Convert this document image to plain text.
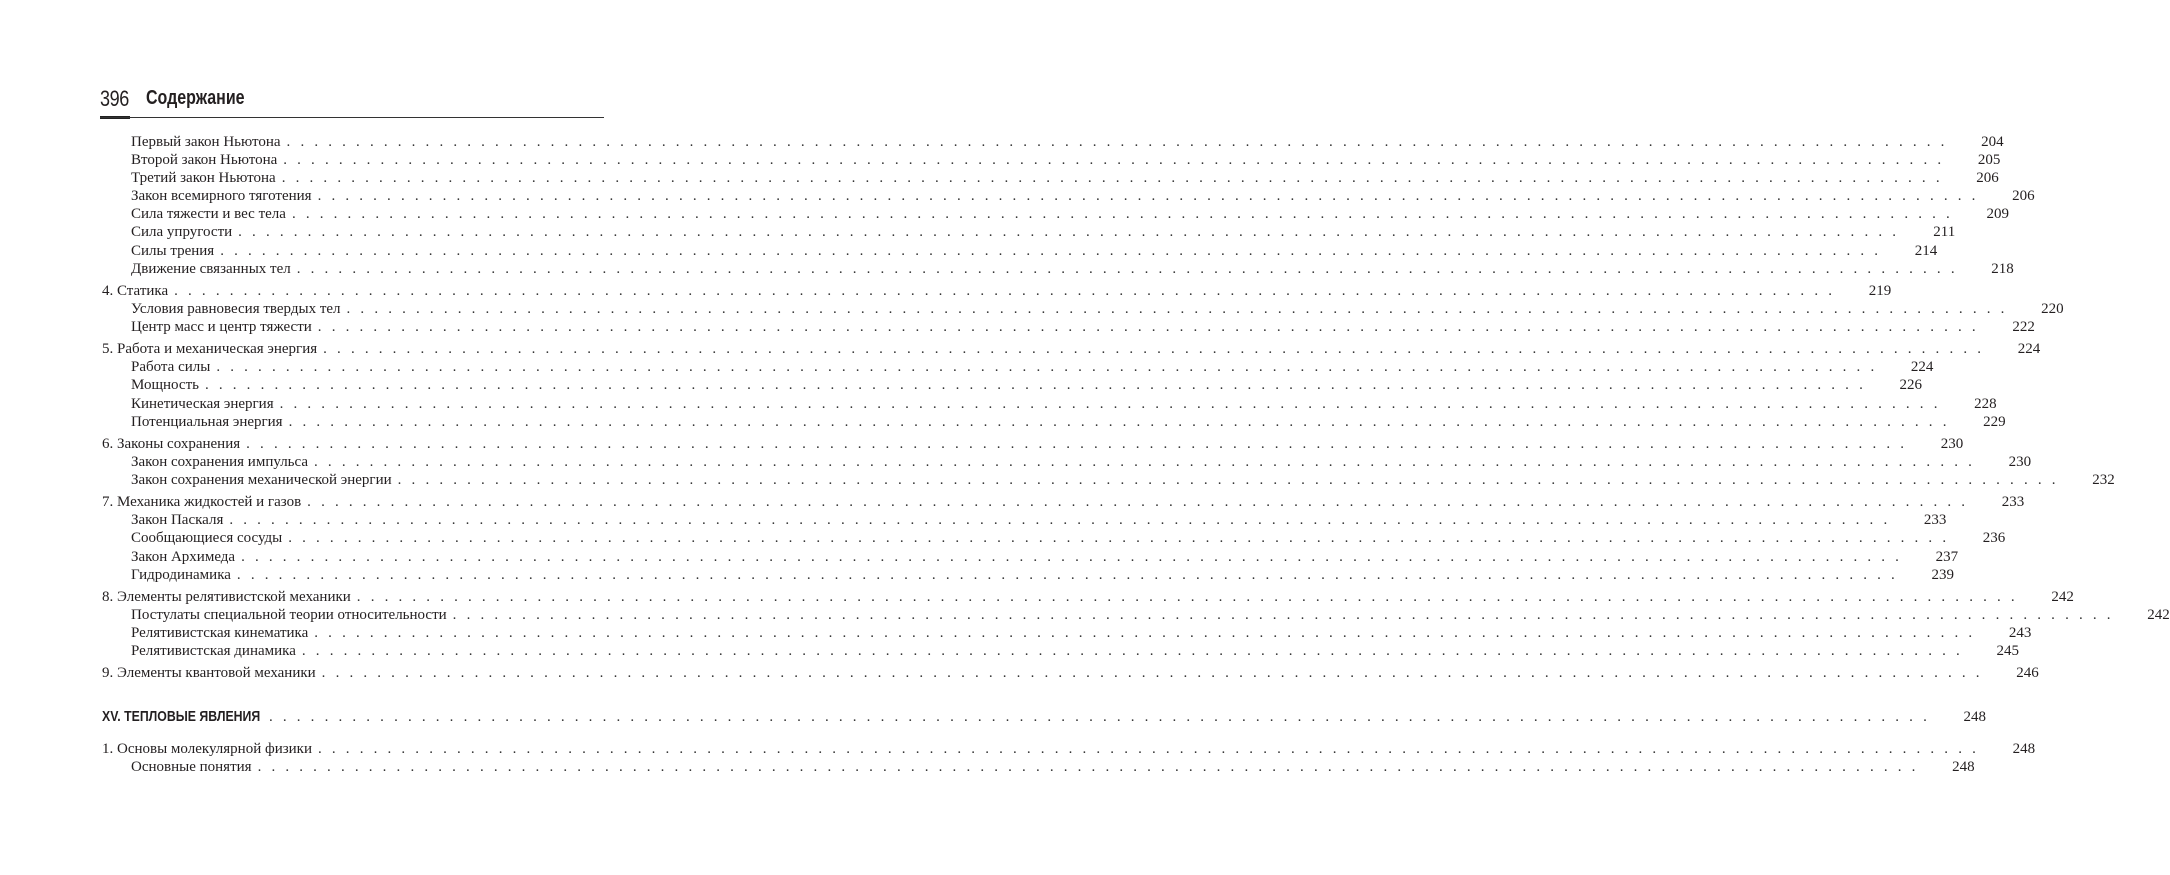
396 Содержание
Первый закон Ньютона . . . . . . . . . . . . . . . . . . . . . . . . . . . . . . . . . . . . . . . . . . . . . . . . . . . . . . . . . . . . . . . . . . . . . . . . . . . . . . . . . . . . . . . . . . . . . . . . . . . . . . . . . . . . . . . . . . . . . . . .	204
Второй закон Ньютона . . . . . . . . . . . . . . . . . . . . . . . . . . . . . . . . . . . . . . . . . . . . . . . . . . . . . . . . . . . . . . . . . . . . . . . . . . . . . . . . . . . . . . . . . . . . . . . . . . . . . . . . . . . . . . . . . . . . . . . .	205
Третий закон Ньютона . . . . . . . . . . . . . . . . . . . . . . . . . . . . . . . . . . . . . . . . . . . . . . . . . . . . . . . . . . . . . . . . . . . . . . . . . . . . . . . . . . . . . . . . . . . . . . . . . . . . . . . . . . . . . . . . . . . . . . . .	206
Закон всемирного тяготения . . . . . . . . . . . . . . . . . . . . . . . . . . . . . . . . . . . . . . . . . . . . . . . . . . . . . . . . . . . . . . . . . . . . . . . . . . . . . . . . . . . . . . . . . . . . . . . . . . . . . . . . . . . . . . . . . . . . . . . .	206
Сила тяжести и вес тела . . . . . . . . . . . . . . . . . . . . . . . . . . . . . . . . . . . . . . . . . . . . . . . . . . . . . . . . . . . . . . . . . . . . . . . . . . . . . . . . . . . . . . . . . . . . . . . . . . . . . . . . . . . . . . . . . . . . . . . .	209
Сила упругости . . . . . . . . . . . . . . . . . . . . . . . . . . . . . . . . . . . . . . . . . . . . . . . . . . . . . . . . . . . . . . . . . . . . . . . . . . . . . . . . . . . . . . . . . . . . . . . . . . . . . . . . . . . . . . . . . . . . . . . .	211
Силы трения . . . . . . . . . . . . . . . . . . . . . . . . . . . . . . . . . . . . . . . . . . . . . . . . . . . . . . . . . . . . . . . . . . . . . . . . . . . . . . . . . . . . . . . . . . . . . . . . . . . . . . . . . . . . . . . . . . . . . . . .	214
Движение связанных тел . . . . . . . . . . . . . . . . . . . . . . . . . . . . . . . . . . . . . . . . . . . . . . . . . . . . . . . . . . . . . . . . . . . . . . . . . . . . . . . . . . . . . . . . . . . . . . . . . . . . . . . . . . . . . . . . . . . . . . . .	218
4. Статика . . . . . . . . . . . . . . . . . . . . . . . . . . . . . . . . . . . . . . . . . . . . . . . . . . . . . . . . . . . . . . . . . . . . . . . . . . . . . . . . . . . . . . . . . . . . . . . . . . . . . . . . . . . . . . . . . . . . . . . .	219
Условия равновесия твердых тел . . . . . . . . . . . . . . . . . . . . . . . . . . . . . . . . . . . . . . . . . . . . . . . . . . . . . . . . . . . . . . . . . . . . . . . . . . . . . . . . . . . . . . . . . . . . . . . . . . . . . . . . . . . . . . . . . . . . . . . .	220
Центр масс и центр тяжести . . . . . . . . . . . . . . . . . . . . . . . . . . . . . . . . . . . . . . . . . . . . . . . . . . . . . . . . . . . . . . . . . . . . . . . . . . . . . . . . . . . . . . . . . . . . . . . . . . . . . . . . . . . . . . . . . . . . . . . .	222
5. Работа и механическая энергия . . . . . . . . . . . . . . . . . . . . . . . . . . . . . . . . . . . . . . . . . . . . . . . . . . . . . . . . . . . . . . . . . . . . . . . . . . . . . . . . . . . . . . . . . . . . . . . . . . . . . . . . . . . . . . . . . . . . . . . .	224
Работа силы . . . . . . . . . . . . . . . . . . . . . . . . . . . . . . . . . . . . . . . . . . . . . . . . . . . . . . . . . . . . . . . . . . . . . . . . . . . . . . . . . . . . . . . . . . . . . . . . . . . . . . . . . . . . . . . . . . . . . . . .	224
Мощность . . . . . . . . . . . . . . . . . . . . . . . . . . . . . . . . . . . . . . . . . . . . . . . . . . . . . . . . . . . . . . . . . . . . . . . . . . . . . . . . . . . . . . . . . . . . . . . . . . . . . . . . . . . . . . . . . . . . . . . .	226
Кинетическая энергия . . . . . . . . . . . . . . . . . . . . . . . . . . . . . . . . . . . . . . . . . . . . . . . . . . . . . . . . . . . . . . . . . . . . . . . . . . . . . . . . . . . . . . . . . . . . . . . . . . . . . . . . . . . . . . . . . . . . . . . .	228
Потенциальная энергия . . . . . . . . . . . . . . . . . . . . . . . . . . . . . . . . . . . . . . . . . . . . . . . . . . . . . . . . . . . . . . . . . . . . . . . . . . . . . . . . . . . . . . . . . . . . . . . . . . . . . . . . . . . . . . . . . . . . . . . .	229
6. Законы сохранения . . . . . . . . . . . . . . . . . . . . . . . . . . . . . . . . . . . . . . . . . . . . . . . . . . . . . . . . . . . . . . . . . . . . . . . . . . . . . . . . . . . . . . . . . . . . . . . . . . . . . . . . . . . . . . . . . . . . . . . .	230
Закон сохранения импульса . . . . . . . . . . . . . . . . . . . . . . . . . . . . . . . . . . . . . . . . . . . . . . . . . . . . . . . . . . . . . . . . . . . . . . . . . . . . . . . . . . . . . . . . . . . . . . . . . . . . . . . . . . . . . . . . . . . . . . . .	230
Закон сохранения механической энергии . . . . . . . . . . . . . . . . . . . . . . . . . . . . . . . . . . . . . . . . . . . . . . . . . . . . . . . . . . . . . . . . . . . . . . . . . . . . . . . . . . . . . . . . . . . . . . . . . . . . . . . . . . . . . . . . . . . . . . . .	232
7. Механика жидкостей и газов . . . . . . . . . . . . . . . . . . . . . . . . . . . . . . . . . . . . . . . . . . . . . . . . . . . . . . . . . . . . . . . . . . . . . . . . . . . . . . . . . . . . . . . . . . . . . . . . . . . . . . . . . . . . . . . . . . . . . . . .	233
Закон Паскаля . . . . . . . . . . . . . . . . . . . . . . . . . . . . . . . . . . . . . . . . . . . . . . . . . . . . . . . . . . . . . . . . . . . . . . . . . . . . . . . . . . . . . . . . . . . . . . . . . . . . . . . . . . . . . . . . . . . . . . . .	233
Сообщающиеся сосуды . . . . . . . . . . . . . . . . . . . . . . . . . . . . . . . . . . . . . . . . . . . . . . . . . . . . . . . . . . . . . . . . . . . . . . . . . . . . . . . . . . . . . . . . . . . . . . . . . . . . . . . . . . . . . . . . . . . . . . . .	236
Закон Архимеда . . . . . . . . . . . . . . . . . . . . . . . . . . . . . . . . . . . . . . . . . . . . . . . . . . . . . . . . . . . . . . . . . . . . . . . . . . . . . . . . . . . . . . . . . . . . . . . . . . . . . . . . . . . . . . . . . . . . . . . .	237
Гидродинамика . . . . . . . . . . . . . . . . . . . . . . . . . . . . . . . . . . . . . . . . . . . . . . . . . . . . . . . . . . . . . . . . . . . . . . . . . . . . . . . . . . . . . . . . . . . . . . . . . . . . . . . . . . . . . . . . . . . . . . . .	239
8. Элементы релятивистской механики . . . . . . . . . . . . . . . . . . . . . . . . . . . . . . . . . . . . . . . . . . . . . . . . . . . . . . . . . . . . . . . . . . . . . . . . . . . . . . . . . . . . . . . . . . . . . . . . . . . . . . . . . . . . . . . . . . . . . . . .	242
Постулаты специальной теории относительности . . . . . . . . . . . . . . . . . . . . . . . . . . . . . . . . . . . . . . . . . . . . . . . . . . . . . . . . . . . . . . . . . . . . . . . . . . . . . . . . . . . . . . . . . . . . . . . . . . . . . . . . . . . . . . . . . . . . . . . .	242
Релятивистская кинематика . . . . . . . . . . . . . . . . . . . . . . . . . . . . . . . . . . . . . . . . . . . . . . . . . . . . . . . . . . . . . . . . . . . . . . . . . . . . . . . . . . . . . . . . . . . . . . . . . . . . . . . . . . . . . . . . . . . . . . . .	243
Релятивистская динамика . . . . . . . . . . . . . . . . . . . . . . . . . . . . . . . . . . . . . . . . . . . . . . . . . . . . . . . . . . . . . . . . . . . . . . . . . . . . . . . . . . . . . . . . . . . . . . . . . . . . . . . . . . . . . . . . . . . . . . . .	245
9. Элементы квантовой механики . . . . . . . . . . . . . . . . . . . . . . . . . . . . . . . . . . . . . . . . . . . . . . . . . . . . . . . . . . . . . . . . . . . . . . . . . . . . . . . . . . . . . . . . . . . . . . . . . . . . . . . . . . . . . . . . . . . . . . . .	246
XV. ТЕПЛОВЫЕ ЯВЛЕНИЯ . . . . . . . . . . . . . . . . . . . . . . . . . . . . . . . . . . . . . . . . . . . . . . . . . . . . . . . . . . . . . . . . . . . . . . . . . . . . . . . . . . . . . . . . . . . . . . . . . . . . . . . . . . . . . . . . . . . . . . . .	248
1. Основы молекулярной физики . . . . . . . . . . . . . . . . . . . . . . . . . . . . . . . . . . . . . . . . . . . . . . . . . . . . . . . . . . . . . . . . . . . . . . . . . . . . . . . . . . . . . . . . . . . . . . . . . . . . . . . . . . . . . . . . . . . . . . . .	248
Основные понятия . . . . . . . . . . . . . . . . . . . . . . . . . . . . . . . . . . . . . . . . . . . . . . . . . . . . . . . . . . . . . . . . . . . . . . . . . . . . . . . . . . . . . . . . . . . . . . . . . . . . . . . . . . . . . . . . . . . . . . . .	248
